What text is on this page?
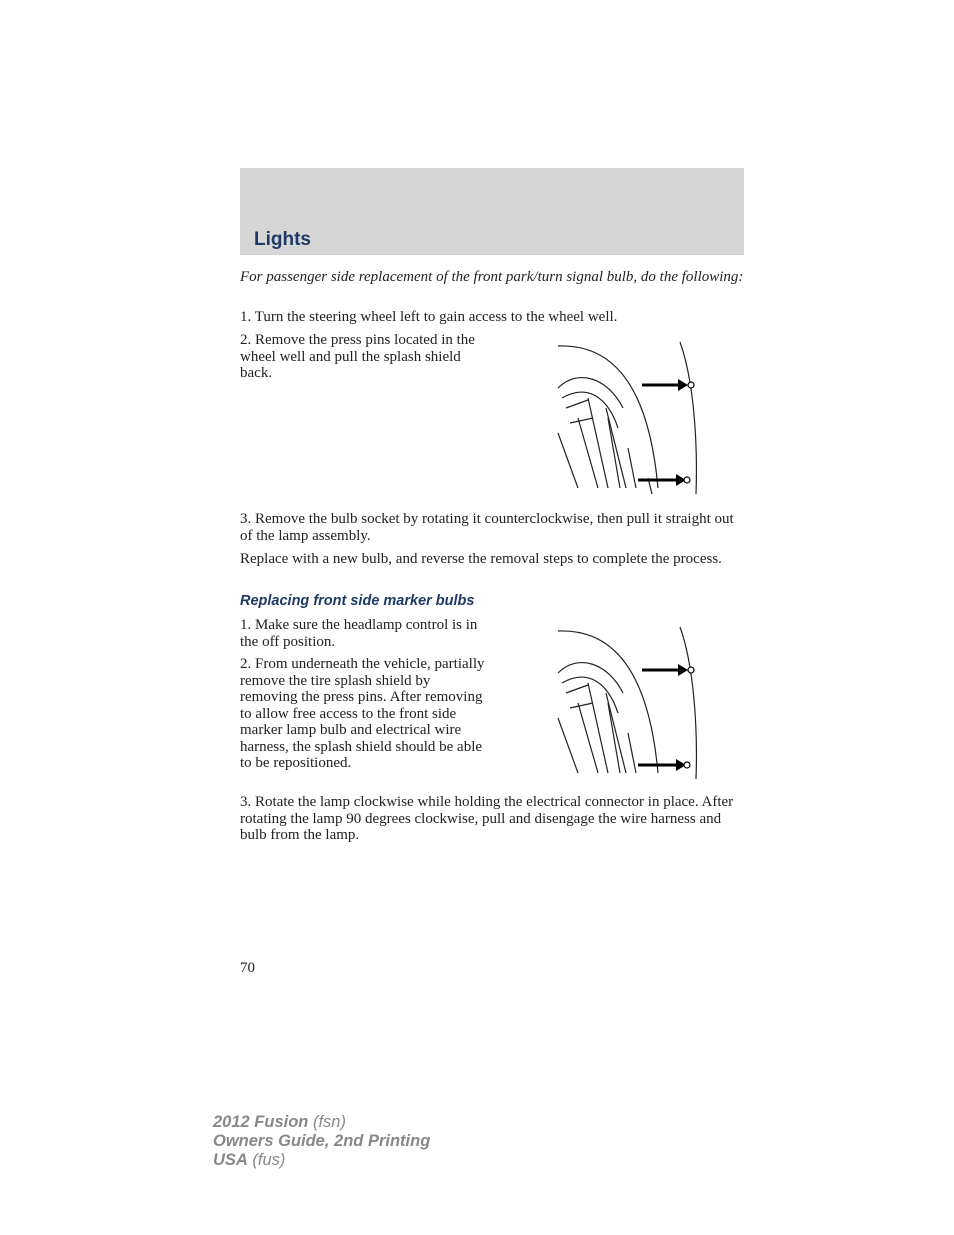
Lights

For passenger side replacement of the front park/turn signal bulb, do the following:

1. Turn the steering wheel left to gain access to the wheel well.

2. Remove the press pins located in the wheel well and pull the splash shield back.

3. Remove the bulb socket by rotating it counterclockwise, then pull it straight out of the lamp assembly.

Replace with a new bulb, and reverse the removal steps to complete the process.

Replacing front side marker bulbs

1. Make sure the headlamp control is in the off position.

2. From underneath the vehicle, partially remove the tire splash shield by removing the press pins. After removing to allow free access to the front side marker lamp bulb and electrical wire harness, the splash shield should be able to be repositioned.

3. Rotate the lamp clockwise while holding the electrical connector in place. After rotating the lamp 90 degrees clockwise, pull and disengage the wire harness and bulb from the lamp.

70
2012 Fusion (fsn)
Owners Guide, 2nd Printing
USA (fus)
